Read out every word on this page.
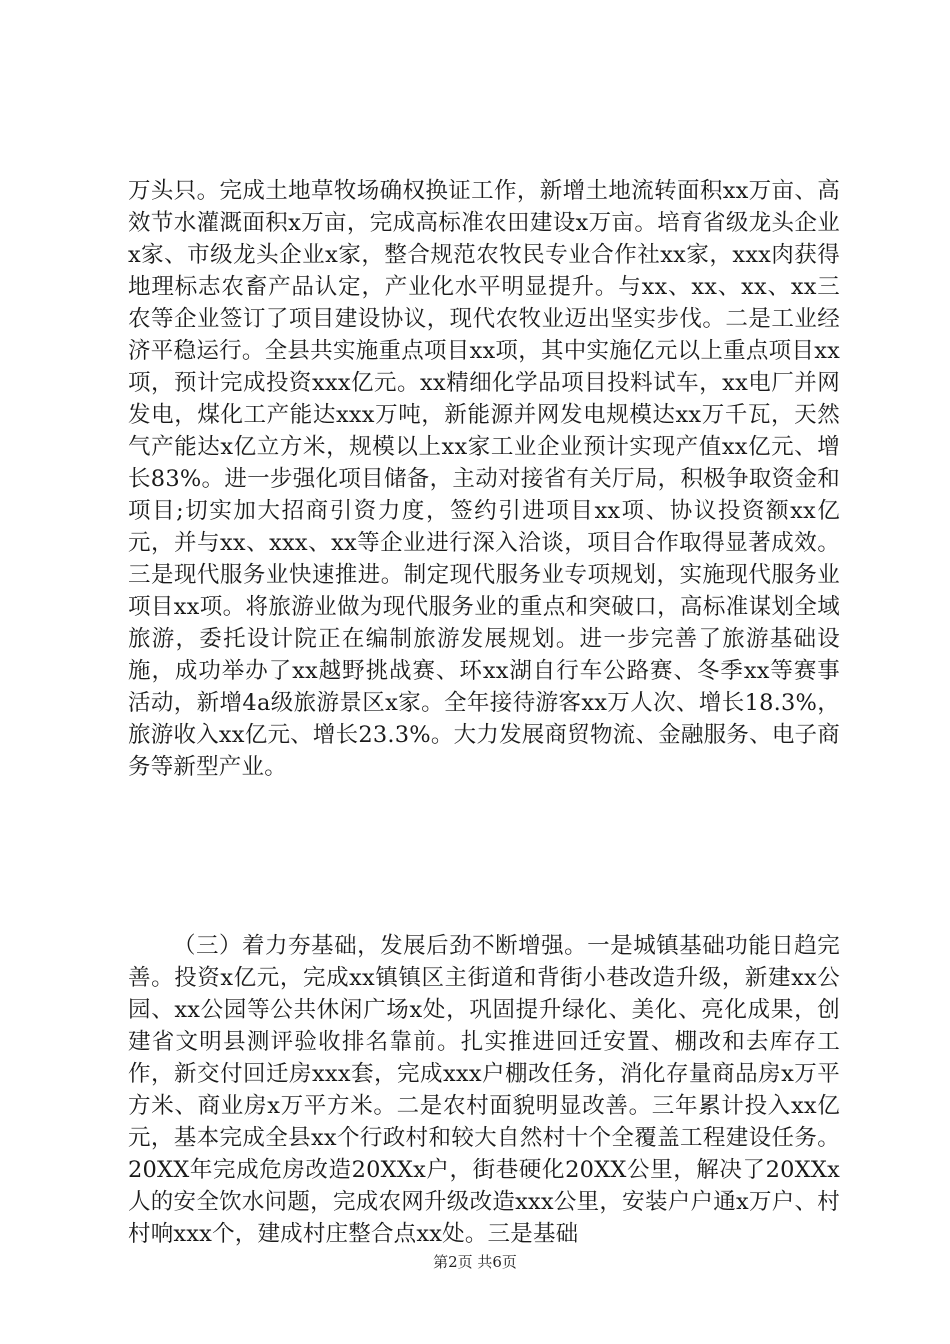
万头只。完成土地草牧场确权换证工作，新增土地流转面积xx万亩、高效节水灌溉面积x万亩，完成高标准农田建设x万亩。培育省级龙头企业x家、市级龙头企业x家，整合规范农牧民专业合作社xx家，xxx肉获得地理标志农畜产品认定，产业化水平明显提升。与xx、xx、xx、xx三农等企业签订了项目建设协议，现代农牧业迈出坚实步伐。二是工业经济平稳运行。全县共实施重点项目xx项，其中实施亿元以上重点项目xx项，预计完成投资xxx亿元。xx精细化学品项目投料试车，xx电厂并网发电，煤化工产能达xxx万吨，新能源并网发电规模达xx万千瓦，天然气产能达x亿立方米，规模以上xx家工业企业预计实现产值xx亿元、增长83%。进一步强化项目储备，主动对接省有关厅局，积极争取资金和项目;切实加大招商引资力度，签约引进项目xx项、协议投资额xx亿元，并与xx、xxx、xx等企业进行深入洽谈，项目合作取得显著成效。三是现代服务业快速推进。制定现代服务业专项规划，实施现代服务业项目xx项。将旅游业做为现代服务业的重点和突破口，高标准谋划全域旅游，委托设计院正在编制旅游发展规划。进一步完善了旅游基础设施，成功举办了xx越野挑战赛、环xx湖自行车公路赛、冬季xx等赛事活动，新增4a级旅游景区x家。全年接待游客xx万人次、增长18.3%，旅游收入xx亿元、增长23.3%。大力发展商贸物流、金融服务、电子商务等新型产业。

（三）着力夯基础，发展后劲不断增强。一是城镇基础功能日趋完善。投资x亿元，完成xx镇镇区主街道和背街小巷改造升级，新建xx公园、xx公园等公共休闲广场x处，巩固提升绿化、美化、亮化成果，创建省文明县测评验收排名靠前。扎实推进回迁安置、棚改和去库存工作，新交付回迁房xxx套，完成xxx户棚改任务，消化存量商品房x万平方米、商业房x万平方米。二是农村面貌明显改善。三年累计投入xx亿元，基本完成全县xx个行政村和较大自然村十个全覆盖工程建设任务。20XX年完成危房改造20XXx户，街巷硬化20XX公里，解决了20XXx人的安全饮水问题，完成农网升级改造xxx公里，安装户户通x万户、村村响xxx个，建成村庄整合点xx处。三是基础

第2页 共6页
